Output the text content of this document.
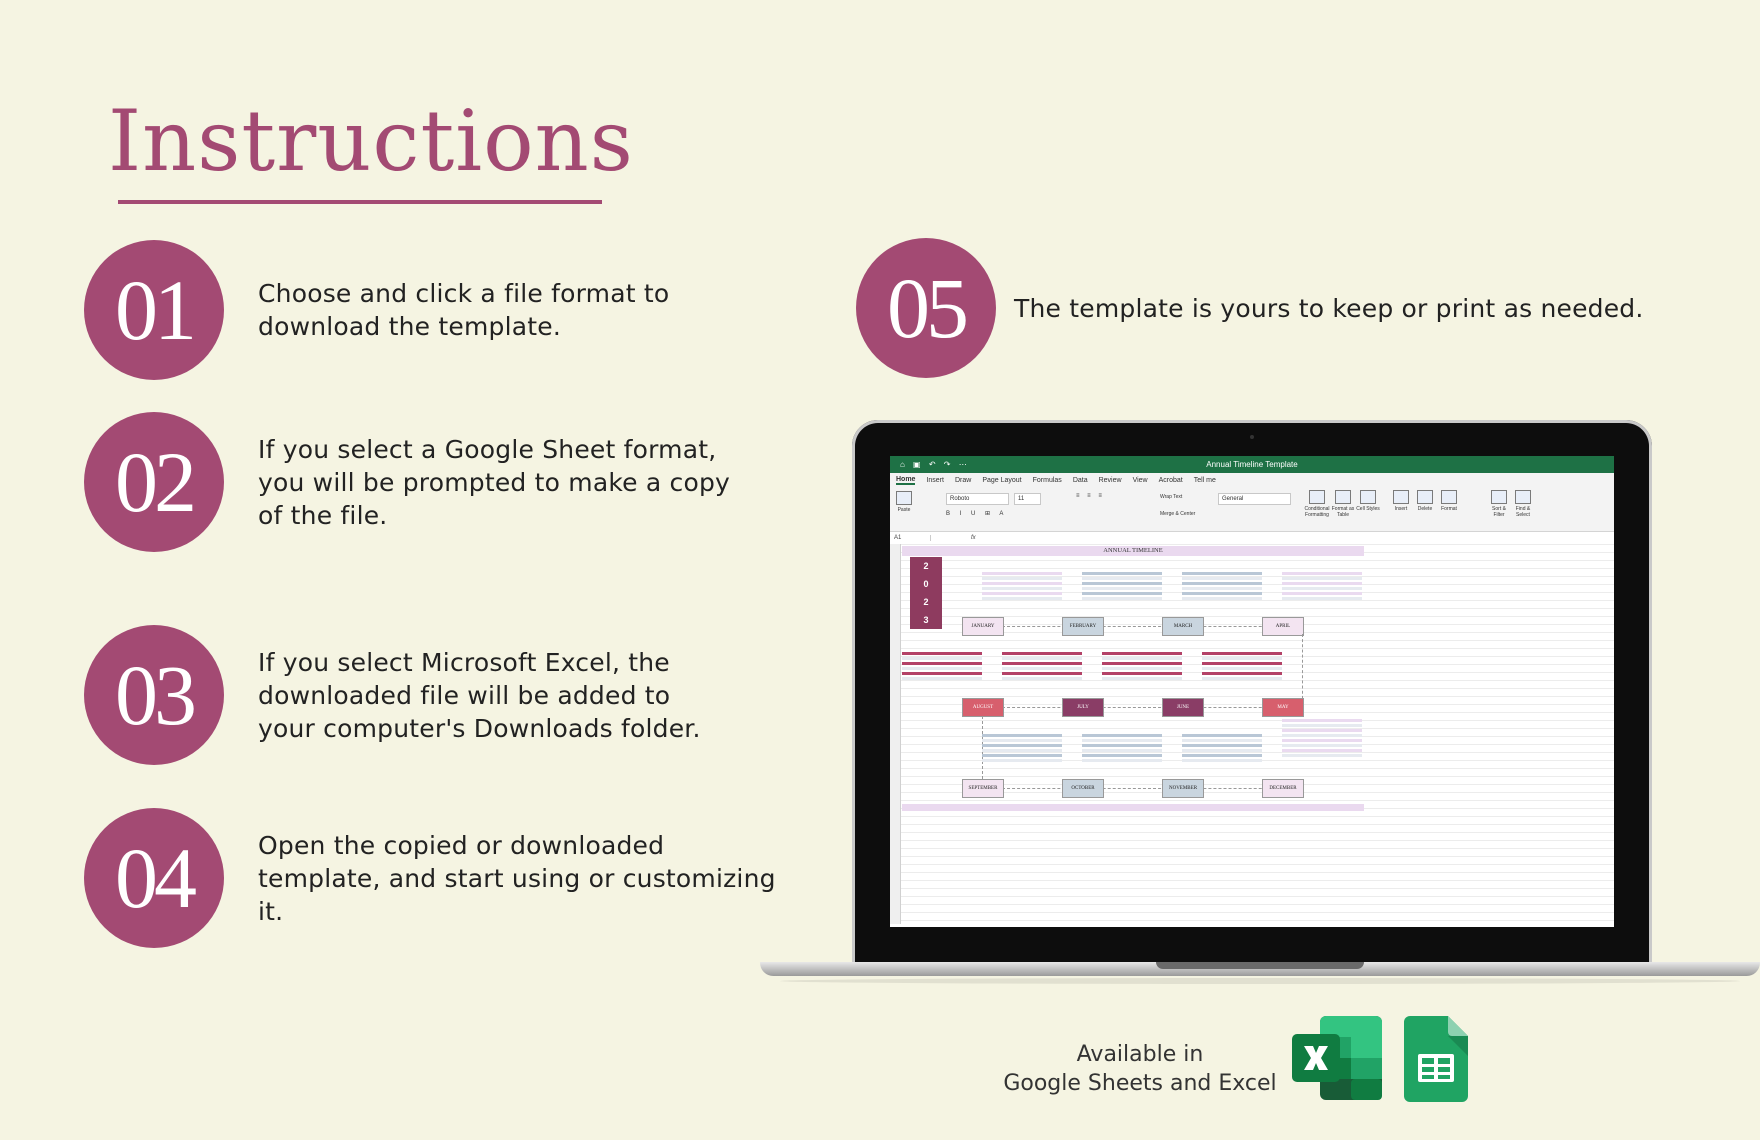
Instructions
01	Choose and click a file format to download the template.
02	If you select a Google Sheet format, you will be prompted to make a copy of the file.
03	If you select Microsoft Excel, the downloaded file will be added to your computer's Downloads folder.
04	Open the copied or downloaded template, and start using or customizing it.
05	The template is yours to keep or print as needed.
⌂ ▣ ↶ ↷ ⋯	Annual Timeline Template
Home Insert Draw Page Layout Formulas Data Review View Acrobat Tell me
Paste
Roboto	11
B I U ⊞ A
≡ ≡ ≡	Wrap Text
Merge & Center
General
Conditional Formatting
Format as Table
Cell Styles	Insert	Delete	Format	Sort & Filter
Find & Select
A1	fx
ANNUAL TIMELINE
2
0
2
3
JANUARY	FEBRUARY	MARCH	APRIL
AUGUST	JULY	JUNE	MAY
SEPTEMBER	OCTOBER	NOVEMBER	DECEMBER
Available in
Google Sheets and Excel
